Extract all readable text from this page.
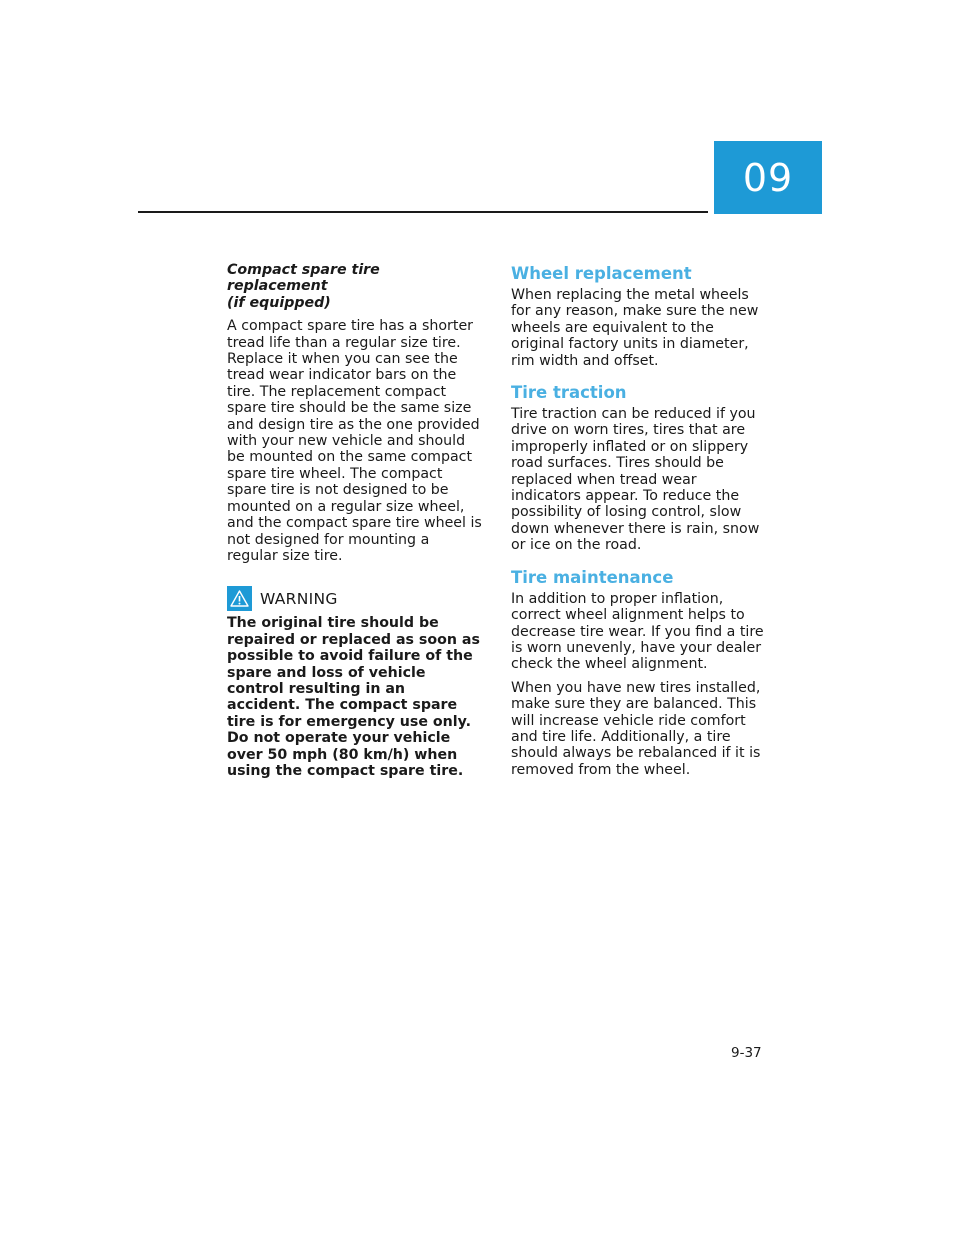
09
Compact spare tire replacement
(if equipped)

A compact spare tire has a shorter tread life than a regular size tire. Replace it when you can see the tread wear indicator bars on the tire. The replacement compact spare tire should be the same size and design tire as the one provided with your new vehicle and should be mounted on the same compact spare tire wheel. The compact spare tire is not designed to be mounted on a regular size wheel, and the compact spare tire wheel is not designed for mounting a regular size tire.

WARNING

The original tire should be repaired or replaced as soon as possible to avoid failure of the spare and loss of vehicle control resulting in an accident. The compact spare tire is for emergency use only. Do not operate your vehicle over 50 mph (80 km/h) when using the compact spare tire.

Wheel replacement

When replacing the metal wheels for any reason, make sure the new wheels are equivalent to the original factory units in diameter, rim width and offset.

Tire traction

Tire traction can be reduced if you drive on worn tires, tires that are improperly inflated or on slippery road surfaces. Tires should be replaced when tread wear indicators appear. To reduce the possibility of losing control, slow down whenever there is rain, snow or ice on the road.

Tire maintenance

In addition to proper inflation, correct wheel alignment helps to decrease tire wear. If you find a tire is worn unevenly, have your dealer check the wheel alignment.

When you have new tires installed, make sure they are balanced. This will increase vehicle ride comfort and tire life. Additionally, a tire should always be rebalanced if it is removed from the wheel.

9-37
